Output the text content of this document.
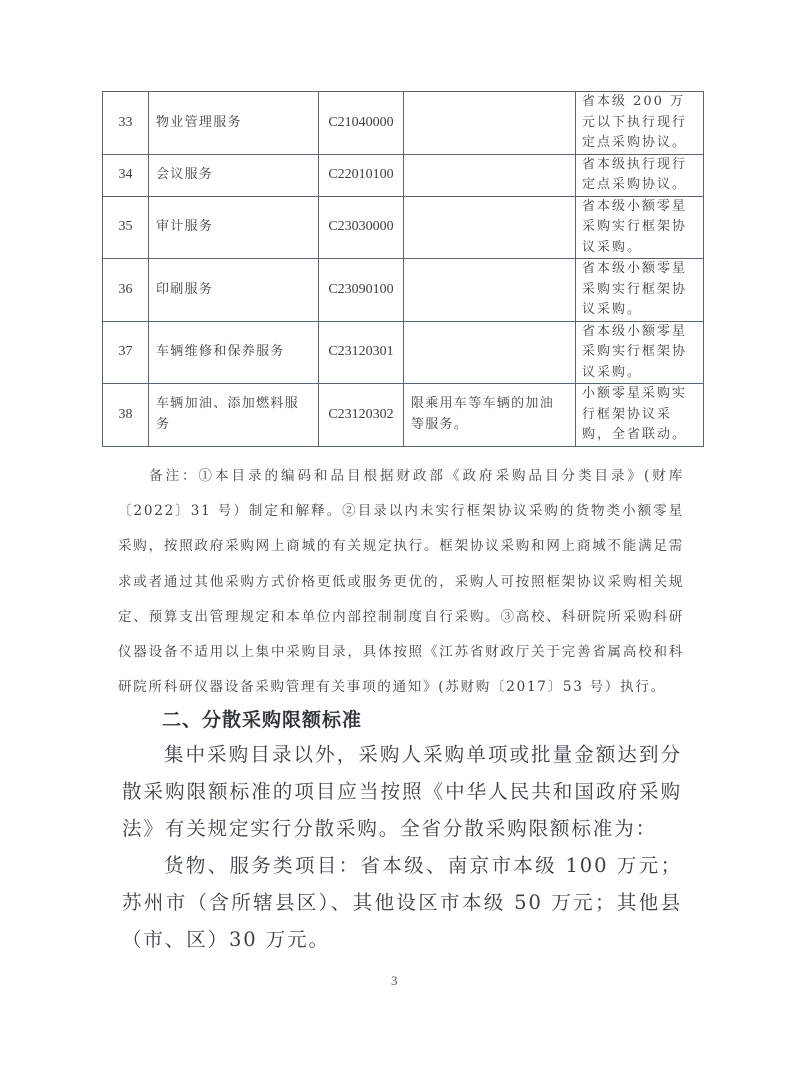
33	物业管理服务	C21040000		省本级 200 万元以下执行现行定点采购协议。
34	会议服务	C22010100		省本级执行现行定点采购协议。
35	审计服务	C23030000		省本级小额零星采购实行框架协议采购。
36	印刷服务	C23090100		省本级小额零星采购实行框架协议采购。
37	车辆维修和保养服务	C23120301		省本级小额零星采购实行框架协议采购。
38	车辆加油、添加燃料服务	C23120302	限乘用车等车辆的加油等服务。	小额零星采购实行框架协议采购，全省联动。

备注：①本目录的编码和品目根据财政部《政府采购品目分类目录》(财库〔2022〕31 号）制定和解释。②目录以内未实行框架协议采购的货物类小额零星采购，按照政府采购网上商城的有关规定执行。框架协议采购和网上商城不能满足需求或者通过其他采购方式价格更低或服务更优的，采购人可按照框架协议采购相关规定、预算支出管理规定和本单位内部控制制度自行采购。③高校、科研院所采购科研仪器设备不适用以上集中采购目录，具体按照《江苏省财政厅关于完善省属高校和科研院所科研仪器设备采购管理有关事项的通知》(苏财购〔2017〕53 号）执行。

二、分散采购限额标准

集中采购目录以外，采购人采购单项或批量金额达到分散采购限额标准的项目应当按照《中华人民共和国政府采购法》有关规定实行分散采购。全省分散采购限额标准为：

货物、服务类项目：省本级、南京市本级 100 万元；苏州市（含所辖县区）、其他设区市本级 50 万元；其他县（市、区）30 万元。

3
